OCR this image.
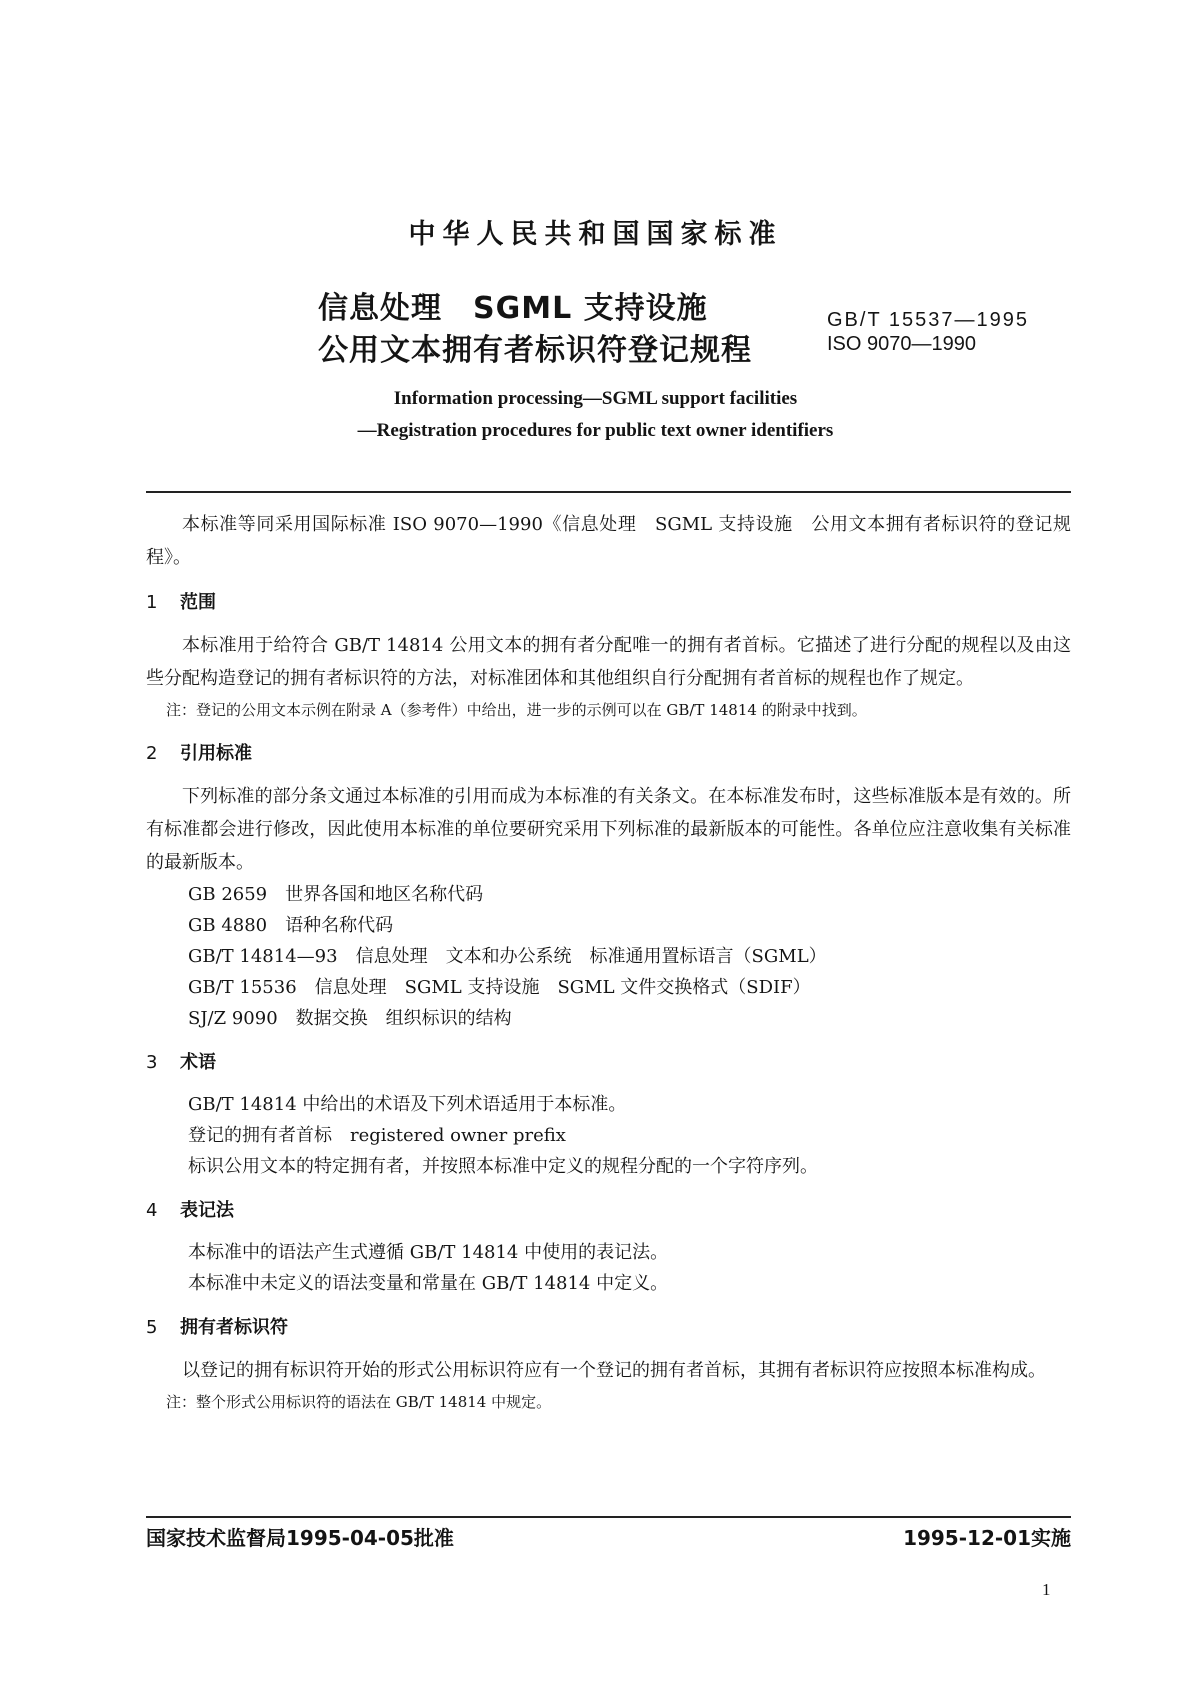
中华人民共和国国家标准
信息处理　SGML 支持设施
公用文本拥有者标识符登记规程
GB/T 15537—1995
ISO 9070—1990
Information processing—SGML support facilities
—Registration procedures for public text owner identifiers

本标准等同采用国际标准 ISO 9070—1990《信息处理　SGML 支持设施　公用文本拥有者标识符的登记规程》。

1 范围

本标准用于给符合 GB/T 14814 公用文本的拥有者分配唯一的拥有者首标。它描述了进行分配的规程以及由这些分配构造登记的拥有者标识符的方法，对标准团体和其他组织自行分配拥有者首标的规程也作了规定。

注：登记的公用文本示例在附录 A（参考件）中给出，进一步的示例可以在 GB/T 14814 的附录中找到。

2 引用标准

下列标准的部分条文通过本标准的引用而成为本标准的有关条文。在本标准发布时，这些标准版本是有效的。所有标准都会进行修改，因此使用本标准的单位要研究采用下列标准的最新版本的可能性。各单位应注意收集有关标准的最新版本。

GB 2659　世界各国和地区名称代码
GB 4880　语种名称代码
GB/T 14814—93　信息处理　文本和办公系统　标准通用置标语言（SGML）
GB/T 15536　信息处理　SGML 支持设施　SGML 文件交换格式（SDIF）
SJ/Z 9090　数据交换　组织标识的结构
3 术语
GB/T 14814 中给出的术语及下列术语适用于本标准。
登记的拥有者首标　registered owner prefix
标识公用文本的特定拥有者，并按照本标准中定义的规程分配的一个字符序列。
4 表记法
本标准中的语法产生式遵循 GB/T 14814 中使用的表记法。
本标准中未定义的语法变量和常量在 GB/T 14814 中定义。
5 拥有者标识符

以登记的拥有标识符开始的形式公用标识符应有一个登记的拥有者首标，其拥有者标识符应按照本标准构成。

注：整个形式公用标识符的语法在 GB/T 14814 中规定。

国家技术监督局1995-04-05批准	1995-12-01实施
1
